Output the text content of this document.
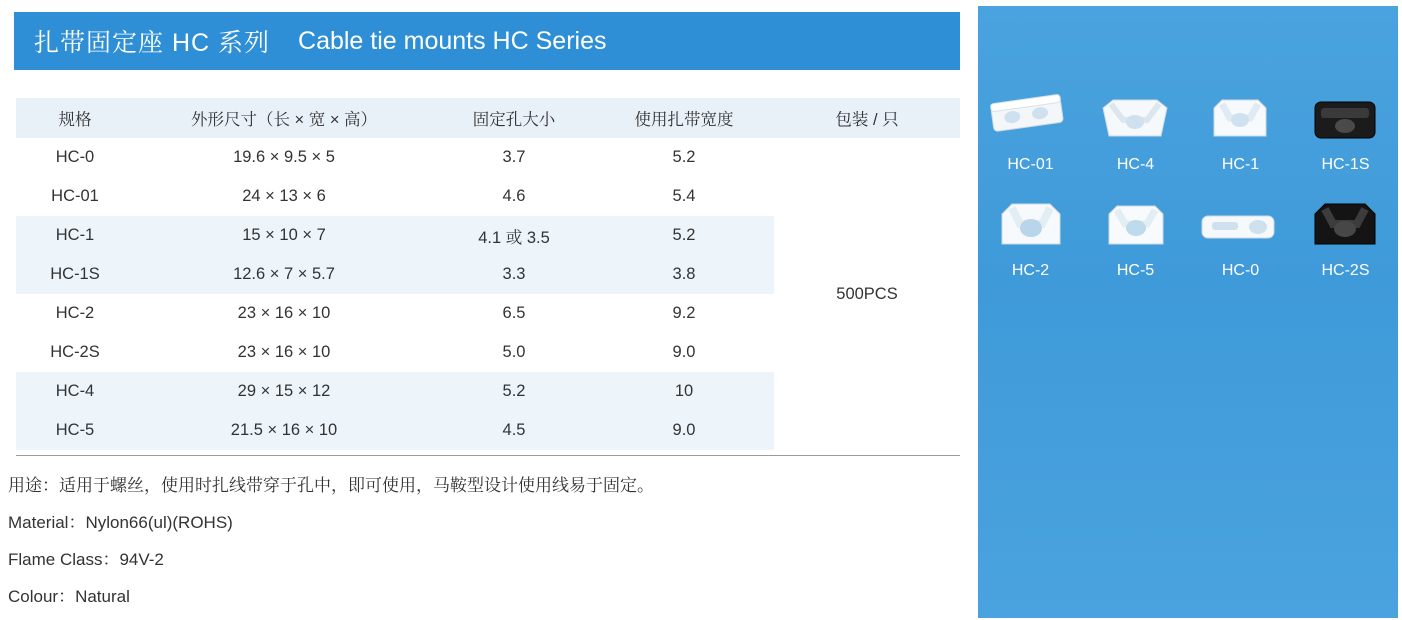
扎带固定座 HC 系列 Cable tie mounts HC Series
规格	外形尺寸（长 × 宽 × 高）	固定孔大小	使用扎带宽度	包装 / 只
HC-0	19.6 × 9.5 × 5	3.7	5.2	500PCS
HC-01	24 × 13 × 6	4.6	5.4	
HC-1	15 × 10 × 7	4.1 或 3.5	5.2	
HC-1S	12.6 × 7 × 5.7	3.3	3.8	
HC-2	23 × 16 × 10	6.5	9.2	
HC-2S	23 × 16 × 10	5.0	9.0	
HC-4	29 × 15 × 12	5.2	10	
HC-5	21.5 × 16 × 10	4.5	9.0	

用途：适用于螺丝，使用时扎线带穿于孔中，即可使用，马鞍型设计使用线易于固定。

Material：Nylon66(ul)(ROHS)

Flame Class：94V-2

Colour：Natural

HC-01	HC-4	HC-1	HC-1S
HC-2	HC-5	HC-0	HC-2S
